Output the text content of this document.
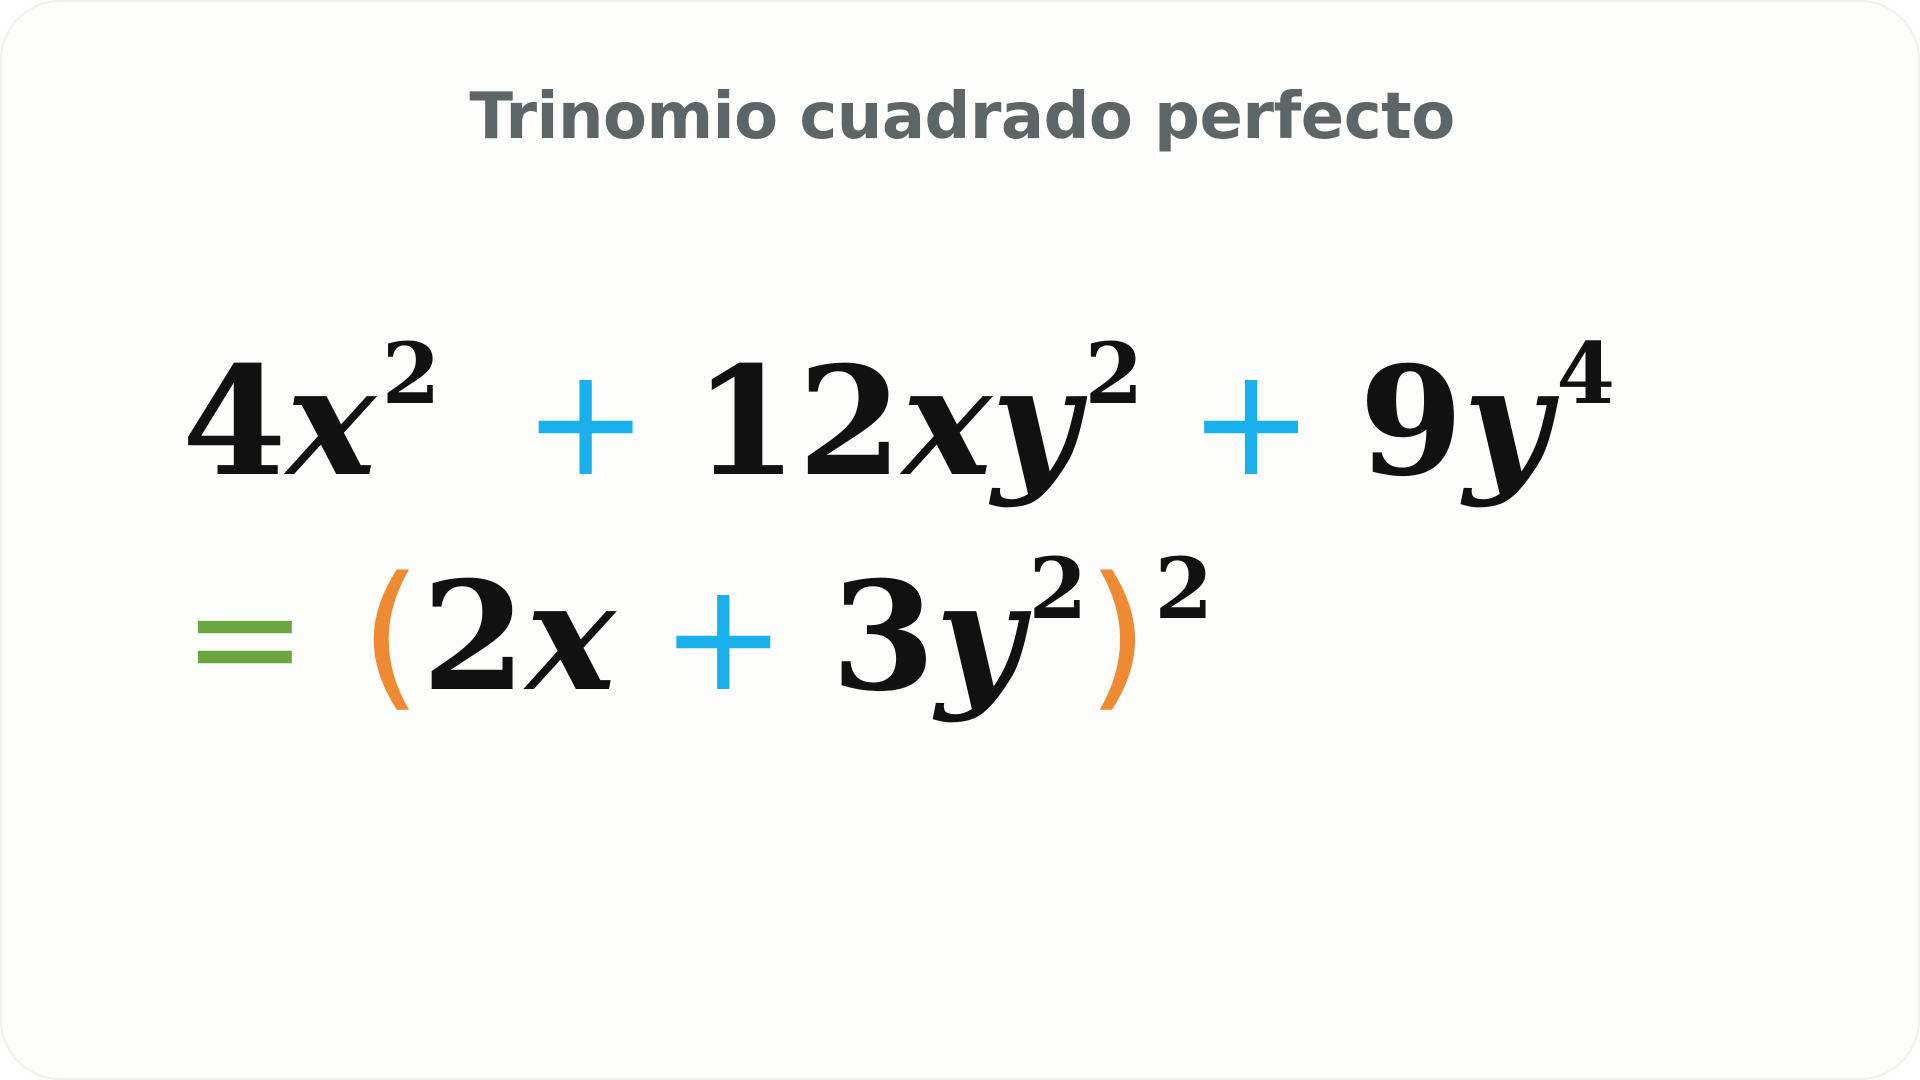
Trinomio cuadrado perfecto
$4x^2 + 12xy^2 + 9y^4$
= $(2x + 3y^2)^2$
